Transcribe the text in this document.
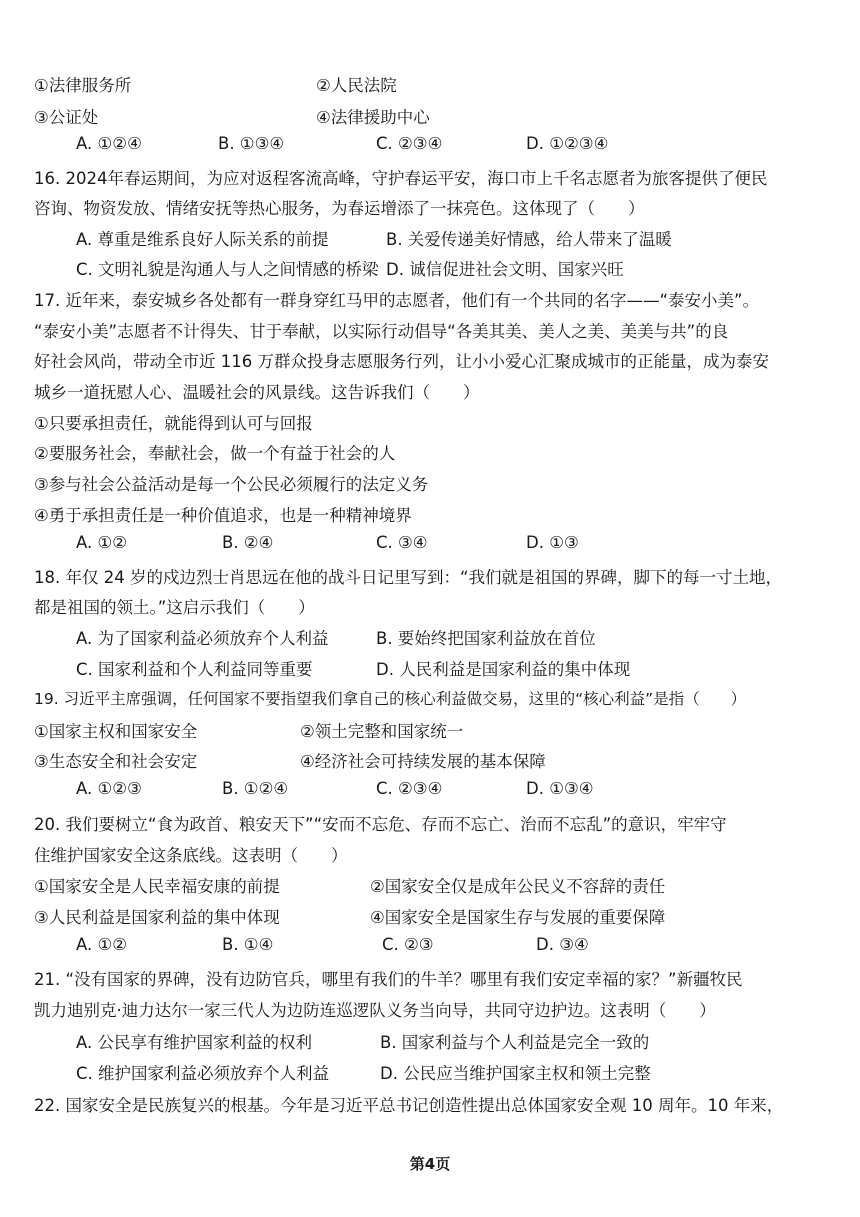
①法律服务所	②人民法院
③公证处	④法律援助中心
A. ①②④	B. ①③④	C. ②③④	D. ①②③④
16. 2024年春运期间，为应对返程客流高峰，守护春运平安，海口市上千名志愿者为旅客提供了便民
咨询、物资发放、情绪安抚等热心服务，为春运增添了一抹亮色。这体现了（　　）
A. 尊重是维系良好人际关系的前提	B. 关爱传递美好情感，给人带来了温暖
C. 文明礼貌是沟通人与人之间情感的桥梁 D. 诚信促进社会文明、国家兴旺
17. 近年来，泰安城乡各处都有一群身穿红马甲的志愿者，他们有一个共同的名字——“泰安小美”。
“泰安小美”志愿者不计得失、甘于奉献，以实际行动倡导“各美其美、美人之美、美美与共”的良
好社会风尚，带动全市近 116 万群众投身志愿服务行列，让小小爱心汇聚成城市的正能量，成为泰安
城乡一道抚慰人心、温暖社会的风景线。这告诉我们（　　）
①只要承担责任，就能得到认可与回报
②要服务社会，奉献社会，做一个有益于社会的人
③参与社会公益活动是每一个公民必须履行的法定义务
④勇于承担责任是一种价值追求，也是一种精神境界
A. ①②	B. ②④	C. ③④	D. ①③
18. 年仅 24 岁的戍边烈士肖思远在他的战斗日记里写到：“我们就是祖国的界碑，脚下的每一寸土地，
都是祖国的领土。”这启示我们（　　）
A. 为了国家利益必须放弃个人利益	B. 要始终把国家利益放在首位
C. 国家利益和个人利益同等重要	D. 人民利益是国家利益的集中体现
19. 习近平主席强调，任何国家不要指望我们拿自己的核心利益做交易，这里的“核心利益”是指（　　）
①国家主权和国家安全	②领土完整和国家统一
③生态安全和社会安定	④经济社会可持续发展的基本保障
A. ①②③	B. ①②④	C. ②③④	D. ①③④
20. 我们要树立“食为政首、粮安天下”“安而不忘危、存而不忘亡、治而不忘乱”的意识，牢牢守
住维护国家安全这条底线。这表明（　　）
①国家安全是人民幸福安康的前提	②国家安全仅是成年公民义不容辞的责任
③人民利益是国家利益的集中体现	④国家安全是国家生存与发展的重要保障
A. ①②	B. ①④	C. ②③	D. ③④
21. “没有国家的界碑，没有边防官兵，哪里有我们的牛羊？哪里有我们安定幸福的家？”新疆牧民
凯力迪别克·迪力达尔一家三代人为边防连巡逻队义务当向导，共同守边护边。这表明（　　）
A. 公民享有维护国家利益的权利	B. 国家利益与个人利益是完全一致的
C. 维护国家利益必须放弃个人利益	D. 公民应当维护国家主权和领土完整
22. 国家安全是民族复兴的根基。今年是习近平总书记创造性提出总体国家安全观 10 周年。10 年来，
第4页
